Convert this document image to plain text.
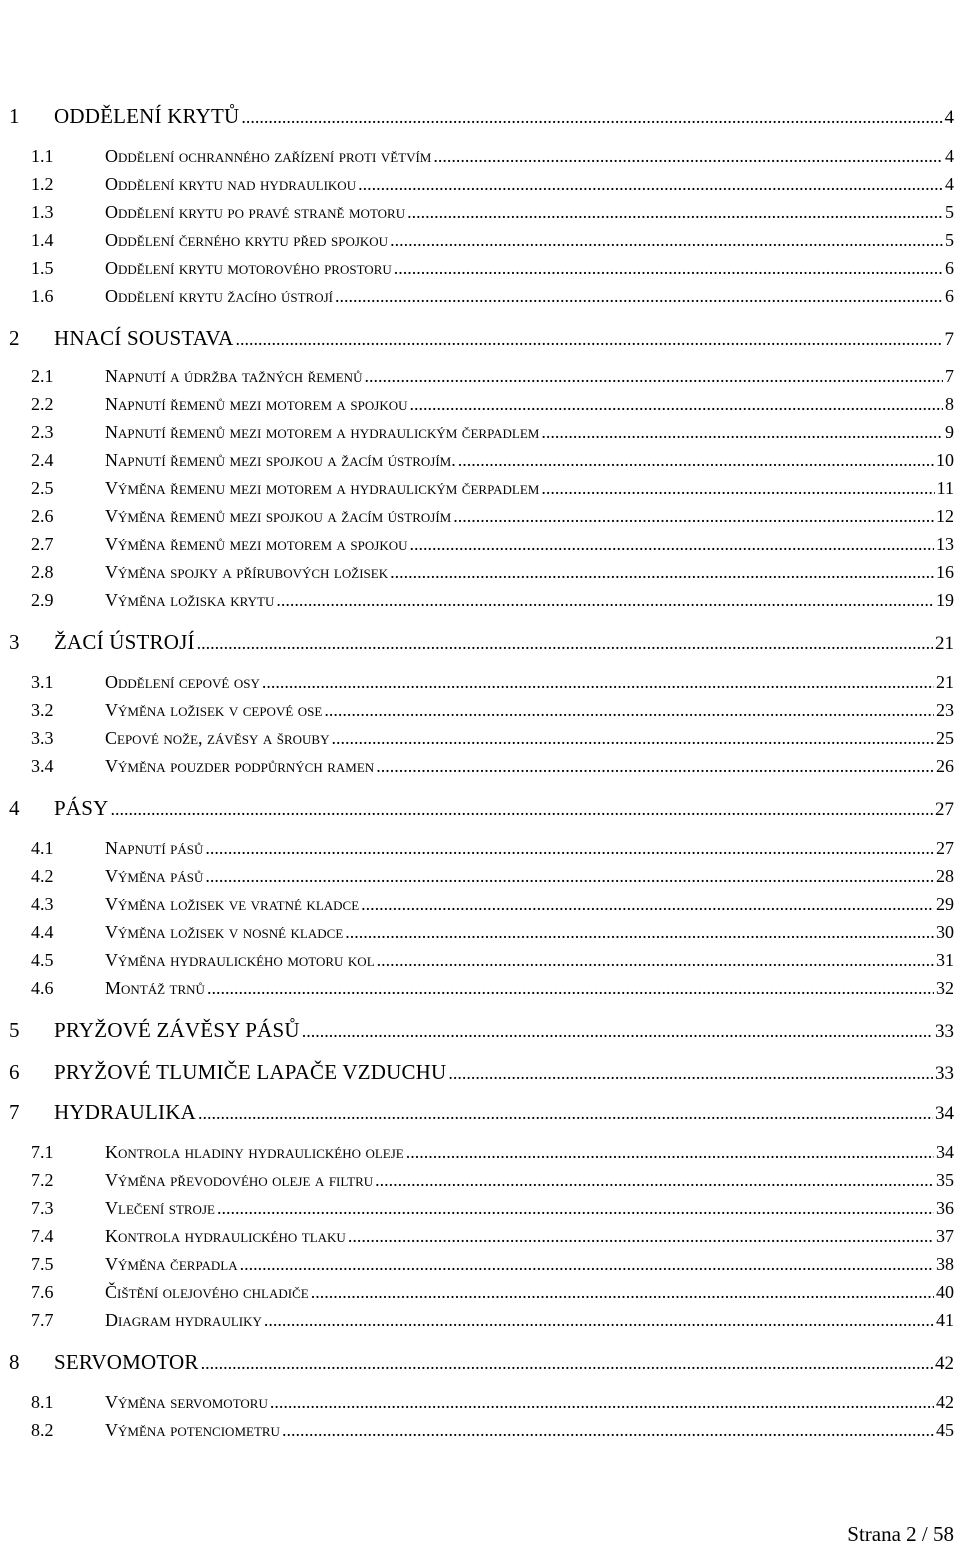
1	ODDĚLENÍ KRYTŮ .....	4
1.1	Oddělení ochranného zařízení proti větvím .....	4
1.2	Oddělení krytu nad hydraulikou .....	4
1.3	Oddělení krytu po pravé straně motoru .....	5
1.4	Oddělení černého krytu před spojkou .....	5
1.5	Oddělení krytu motorového prostoru .....	6
1.6	Oddělení krytu žacího ústrojí .....	6
2	HNACÍ SOUSTAVA .....	7
2.1	Napnutí a údržba tažných řemenů .....	7
2.2	Napnutí řemenů mezi motorem a spojkou .....	8
2.3	Napnutí řemenů mezi motorem a hydraulickým čerpadlem .....	9
2.4	Napnutí řemenů mezi spojkou a žacím ústrojím. .....	10
2.5	Výměna řemenu mezi motorem a hydraulickým čerpadlem .....	11
2.6	Výměna řemenů mezi spojkou a žacím ústrojím .....	12
2.7	Výměna řemenů mezi motorem a spojkou .....	13
2.8	Výměna spojky a přírubových ložisek .....	16
2.9	Výměna ložiska krytu .....	19
3	ŽACÍ ÚSTROJÍ .....	21
3.1	Oddělení cepové osy .....	21
3.2	Výměna ložisek v cepové ose .....	23
3.3	Cepové nože, závěsy a šrouby .....	25
3.4	Výměna pouzder podpůrných ramen .....	26
4	PÁSY .....	27
4.1	Napnutí pásů .....	27
4.2	Výměna pásů .....	28
4.3	Výměna ložisek ve vratné kladce .....	29
4.4	Výměna ložisek v nosné kladce .....	30
4.5	Výměna hydraulického motoru kol .....	31
4.6	Montáž trnů .....	32
5	PRYŽOVÉ ZÁVĚSY PÁSŮ .....	33
6	PRYŽOVÉ TLUMIČE LAPAČE VZDUCHU .....	33
7	HYDRAULIKA .....	34
7.1	Kontrola hladiny hydraulického oleje .....	34
7.2	Výměna převodového oleje a filtru .....	35
7.3	Vlečení stroje .....	36
7.4	Kontrola hydraulického tlaku .....	37
7.5	Výměna čerpadla .....	38
7.6	Čištění olejového chladiče .....	40
7.7	Diagram hydrauliky .....	41
8	SERVOMOTOR .....	42
8.1	Výměna servomotoru .....	42
8.2	Výměna potenciometru .....	45
Strana 2 / 58
